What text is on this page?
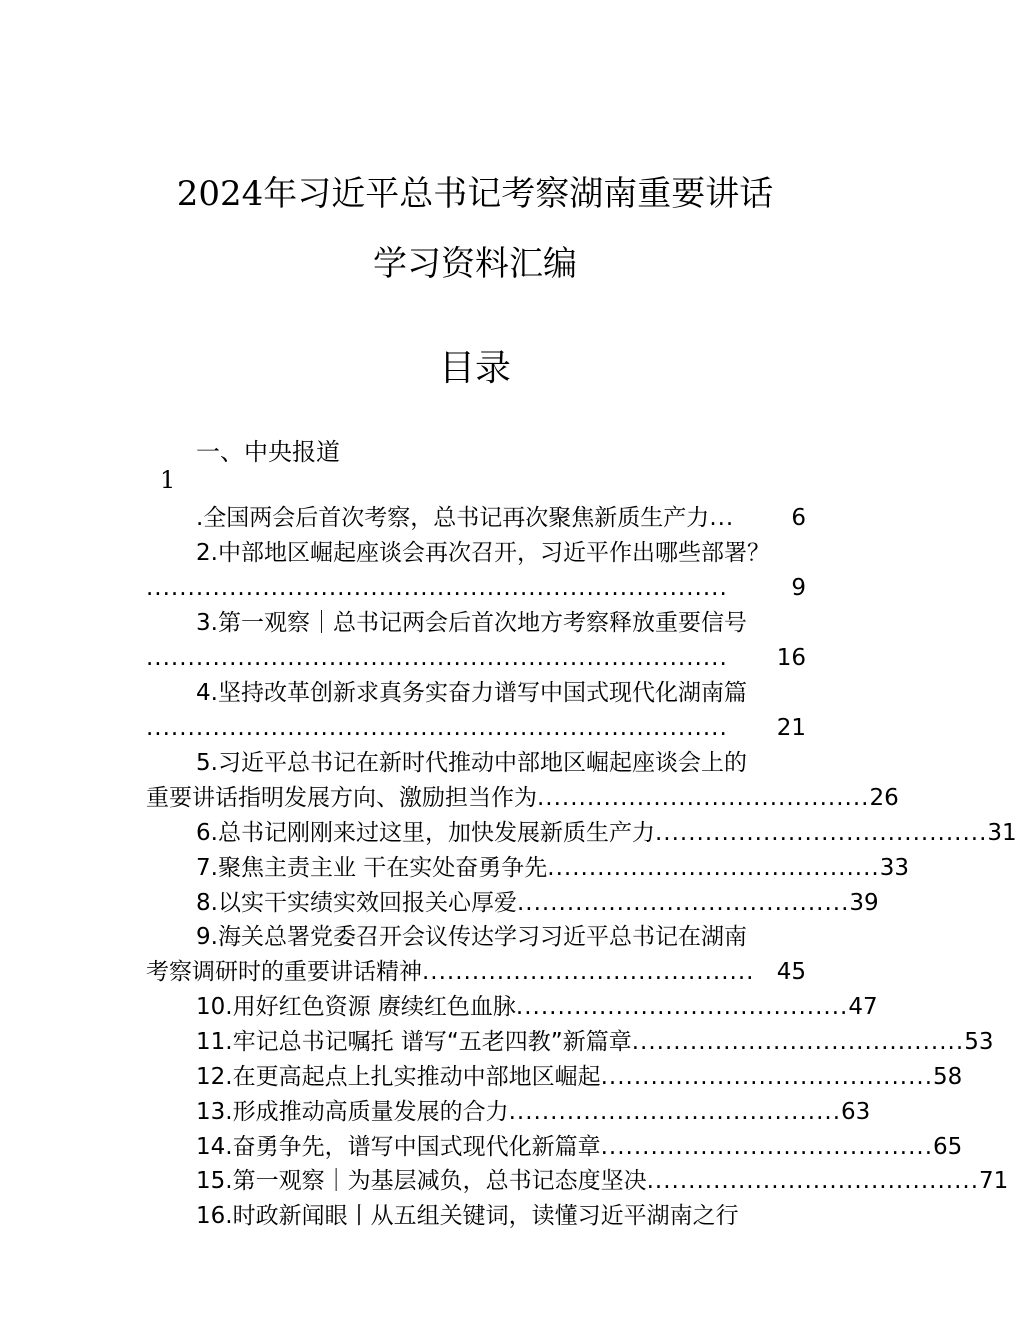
2024年习近平总书记考察湖南重要讲话
学习资料汇编
目录
一、中央报道
1
.全国两会后首次考察，总书记再次聚焦新质生产力 ...	6
2.中部地区崛起座谈会再次召开，习近平作出哪些部署？
......................................................................	9
3.第一观察｜总书记两会后首次地方考察释放重要信号
......................................................................	16
4.坚持改革创新求真务实奋力谱写中国式现代化湖南篇
......................................................................	21
5.习近平总书记在新时代推动中部地区崛起座谈会上的
重要讲话指明发展方向、激励担当作为 ........................................ 26
6.总书记刚刚来过这里，加快发展新质生产力 ........................................ 31
7.聚焦主责主业 干在实处奋勇争先 ........................................ 33
8.以实干实绩实效回报关心厚爱 ........................................ 39
9.海关总署党委召开会议传达学习习近平总书记在湖南
考察调研时的重要讲话精神 ........................................ 45
10.用好红色资源 赓续红色血脉 ........................................ 47
11.牢记总书记嘱托 谱写“五老四教”新篇章 ........................................ 53
12.在更高起点上扎实推动中部地区崛起 ........................................ 58
13.形成推动高质量发展的合力 ........................................ 63
14.奋勇争先，谱写中国式现代化新篇章 ........................................ 65
15.第一观察｜为基层减负，总书记态度坚决 ........................................ 71
16.时政新闻眼丨从五组关键词，读懂习近平湖南之行
